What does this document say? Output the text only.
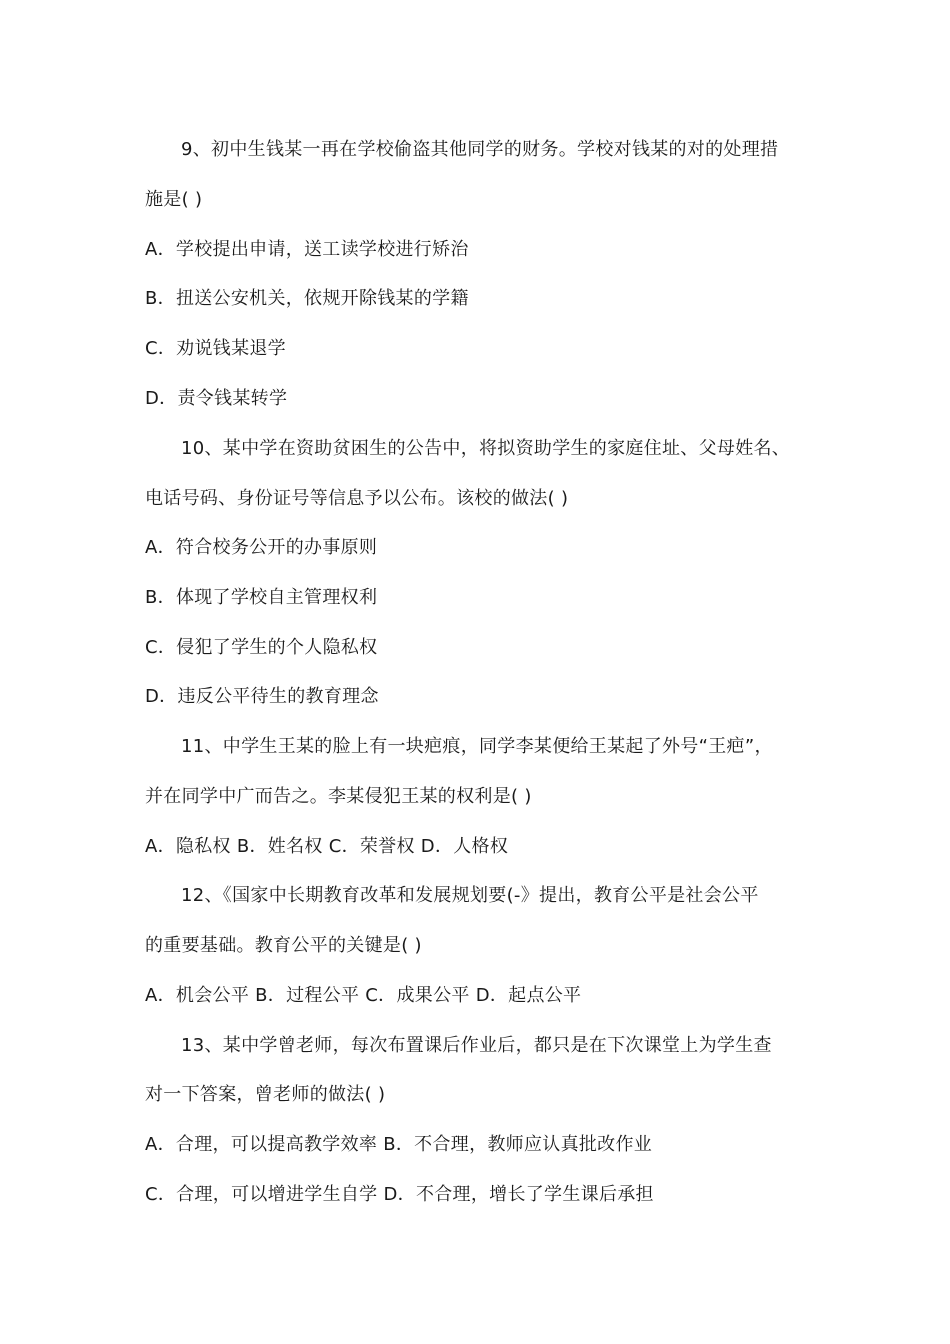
9、初中生钱某一再在学校偷盗其他同学的财务。学校对钱某的对的处理措
施是( )
A．学校提出申请，送工读学校进行矫治
B．扭送公安机关，依规开除钱某的学籍
C．劝说钱某退学
D．责令钱某转学
10、某中学在资助贫困生的公告中，将拟资助学生的家庭住址、父母姓名、
电话号码、身份证号等信息予以公布。该校的做法( )
A．符合校务公开的办事原则
B．体现了学校自主管理权利
C．侵犯了学生的个人隐私权
D．违反公平待生的教育理念
11、中学生王某的脸上有一块疤痕，同学李某便给王某起了外号“王疤”，
并在同学中广而告之。李某侵犯王某的权利是( )
A．隐私权 B．姓名权 C．荣誉权 D．人格权
12、《国家中长期教育改革和发展规划要(-》提出，教育公平是社会公平
的重要基础。教育公平的关键是( )
A．机会公平 B．过程公平 C．成果公平 D．起点公平
13、某中学曾老师，每次布置课后作业后，都只是在下次课堂上为学生查
对一下答案，曾老师的做法( )
A．合理，可以提高教学效率 B．不合理，教师应认真批改作业
C．合理，可以增进学生自学 D．不合理，增长了学生课后承担
